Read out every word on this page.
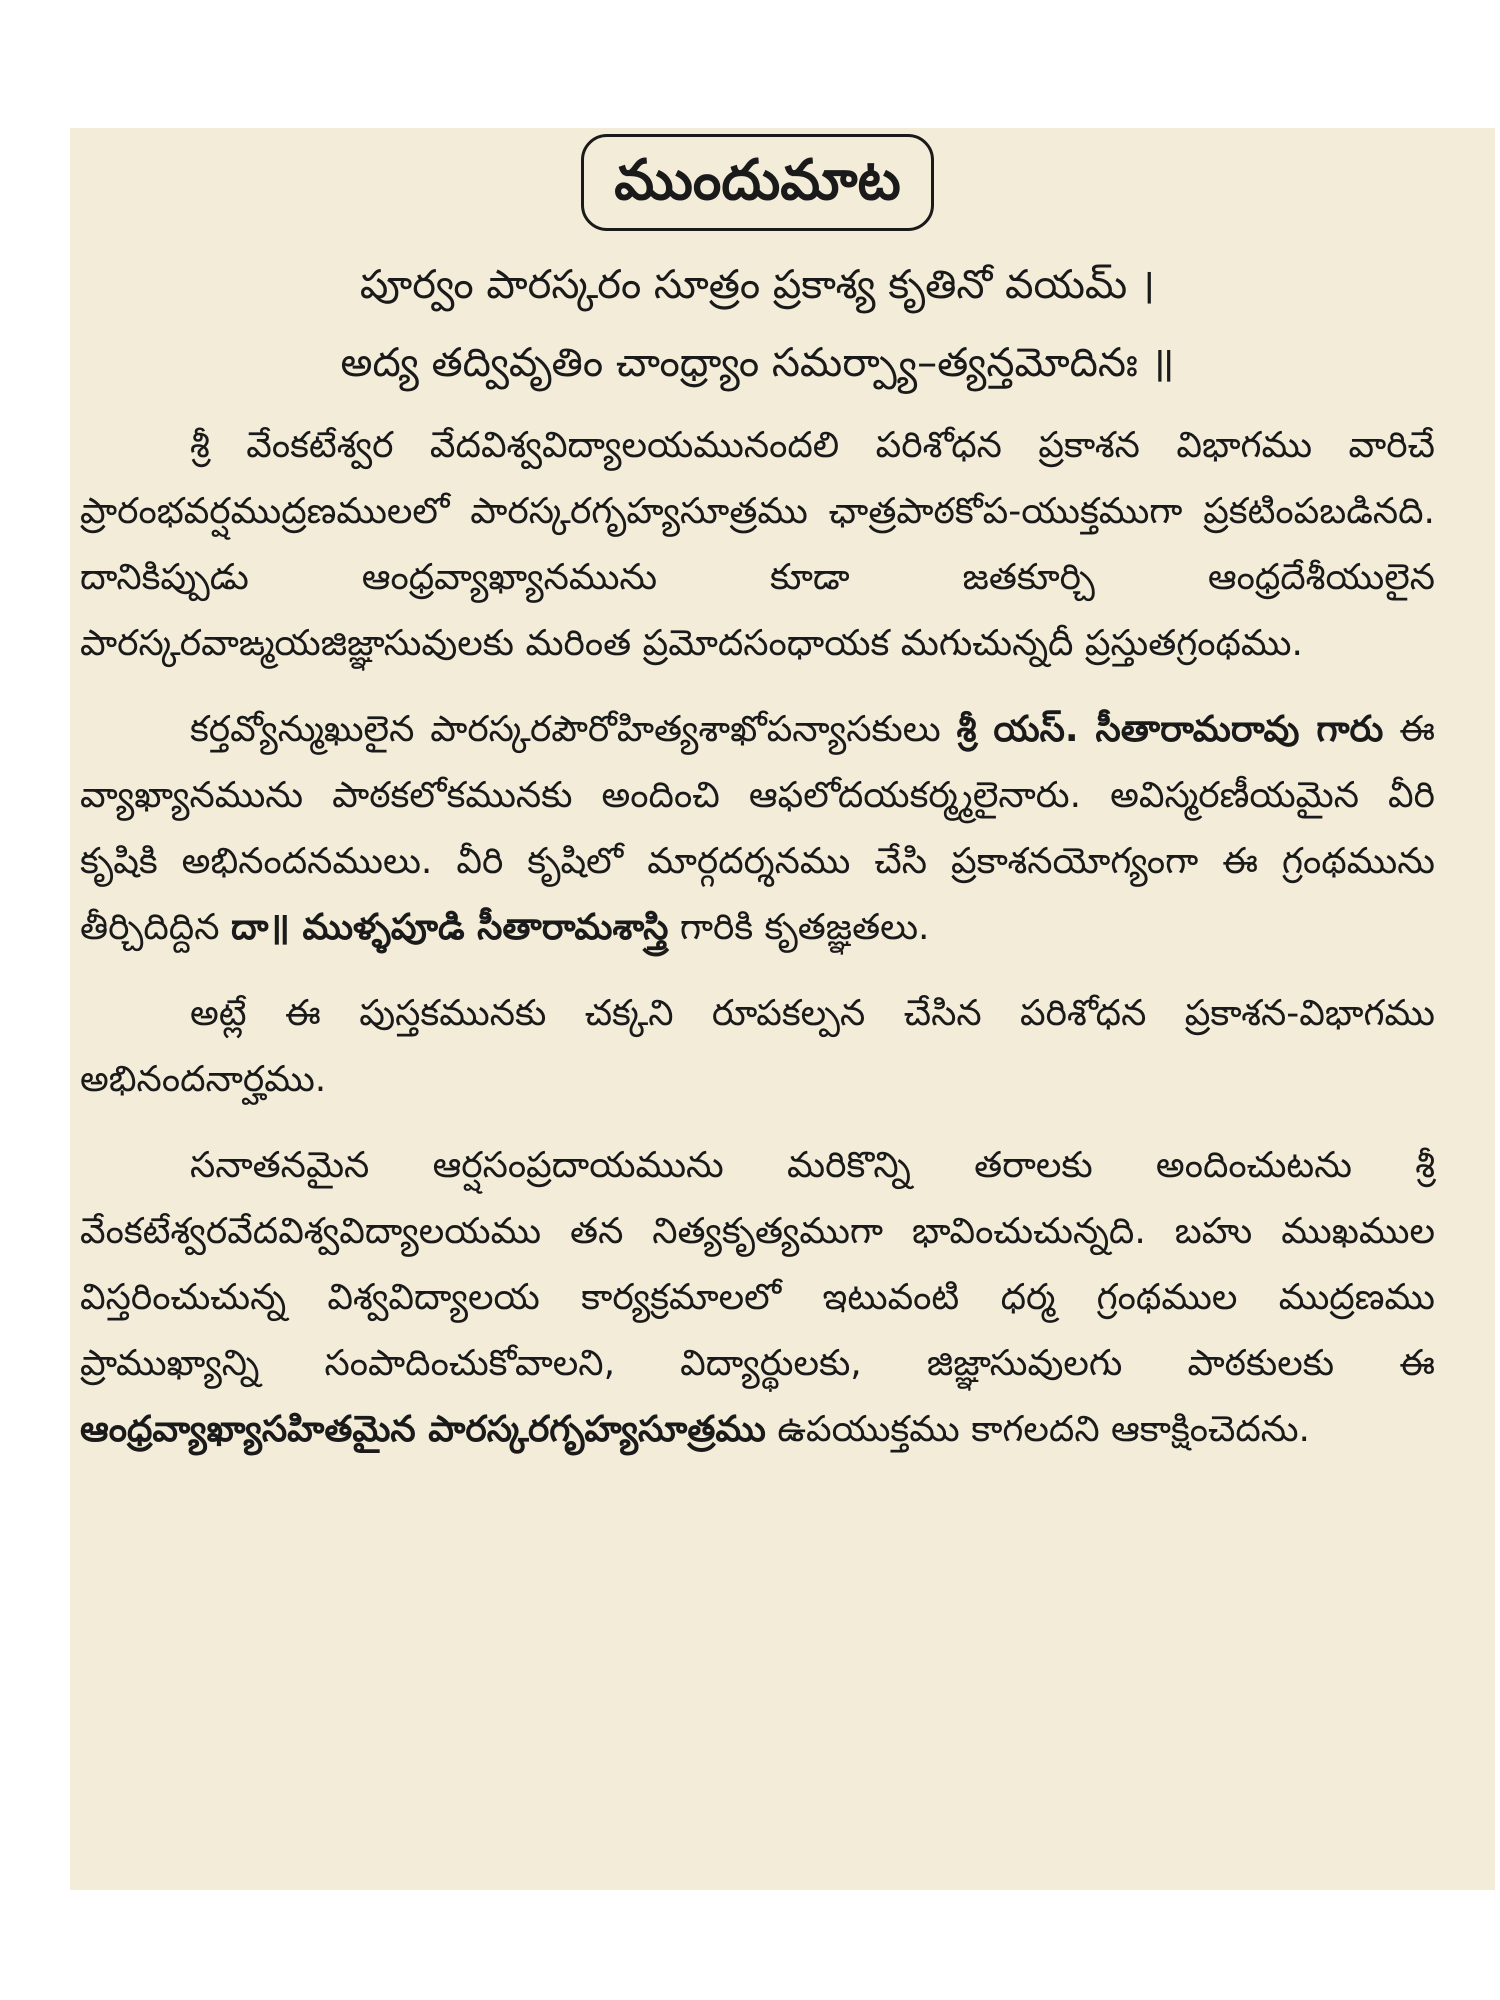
ముందుమాట

పూర్వం పారస్కరం సూత్రం ప్రకాశ్య కృతినో వయమ్ ।

అద్య తద్వివృతిం చాంధ్ర్యాం సమర్ప్యా–త్యన్తమోదినః ॥

శ్రీ వేంకటేశ్వర వేదవిశ్వవిద్యాలయమునందలి పరిశోధన ప్రకాశన విభాగము వారిచే ప్రారంభవర్షముద్రణములలో పారస్కరగృహ్యసూత్రము ఛాత్రపాఠకోప-యుక్తముగా ప్రకటింపబడినది. దానికిప్పుడు ఆంధ్రవ్యాఖ్యానమును కూడా జతకూర్చి ఆంధ్రదేశీయులైన పారస్కరవాఙ్మయజిజ్ఞాసువులకు మరింత ప్రమోదసంధాయక మగుచున్నదీ ప్రస్తుతగ్రంథము.

కర్తవ్యోన్ముఖులైన పారస్కరపౌరోహిత్యశాఖోపన్యాసకులు శ్రీ యస్. సీతారామరావు గారు ఈ వ్యాఖ్యానమును పాఠకలోకమునకు అందించి ఆఫలోదయకర్మ్మలైనారు. అవిస్మరణీయమైన వీరి కృషికి అభినందనములు. వీరి కృషిలో మార్గదర్శనము చేసి ప్రకాశనయోగ్యంగా ఈ గ్రంథమును తీర్చిదిద్దిన దా॥ ముళ్ళపూడి సీతారామశాస్త్రి గారికి కృతజ్ఞతలు.

అట్లే ఈ పుస్తకమునకు చక్కని రూపకల్పన చేసిన పరిశోధన ప్రకాశన-విభాగము అభినందనార్హము.

సనాతనమైన ఆర్షసంప్రదాయమును మరికొన్ని తరాలకు అందించుటను శ్రీ వేంకటేశ్వరవేదవిశ్వవిద్యాలయము తన నిత్యకృత్యముగా భావించుచున్నది. బహు ముఖముల విస్తరించుచున్న విశ్వవిద్యాలయ కార్యక్రమాలలో ఇటువంటి ధర్మ గ్రంథముల ముద్రణము ప్రాముఖ్యాన్ని సంపాదించుకోవాలని, విద్యార్థులకు, జిజ్ఞాసువులగు పాఠకులకు ఈ ఆంధ్రవ్యాఖ్యాసహితమైన పారస్కరగృహ్యసూత్రము ఉపయుక్తము కాగలదని ఆకాక్షించెదను.
